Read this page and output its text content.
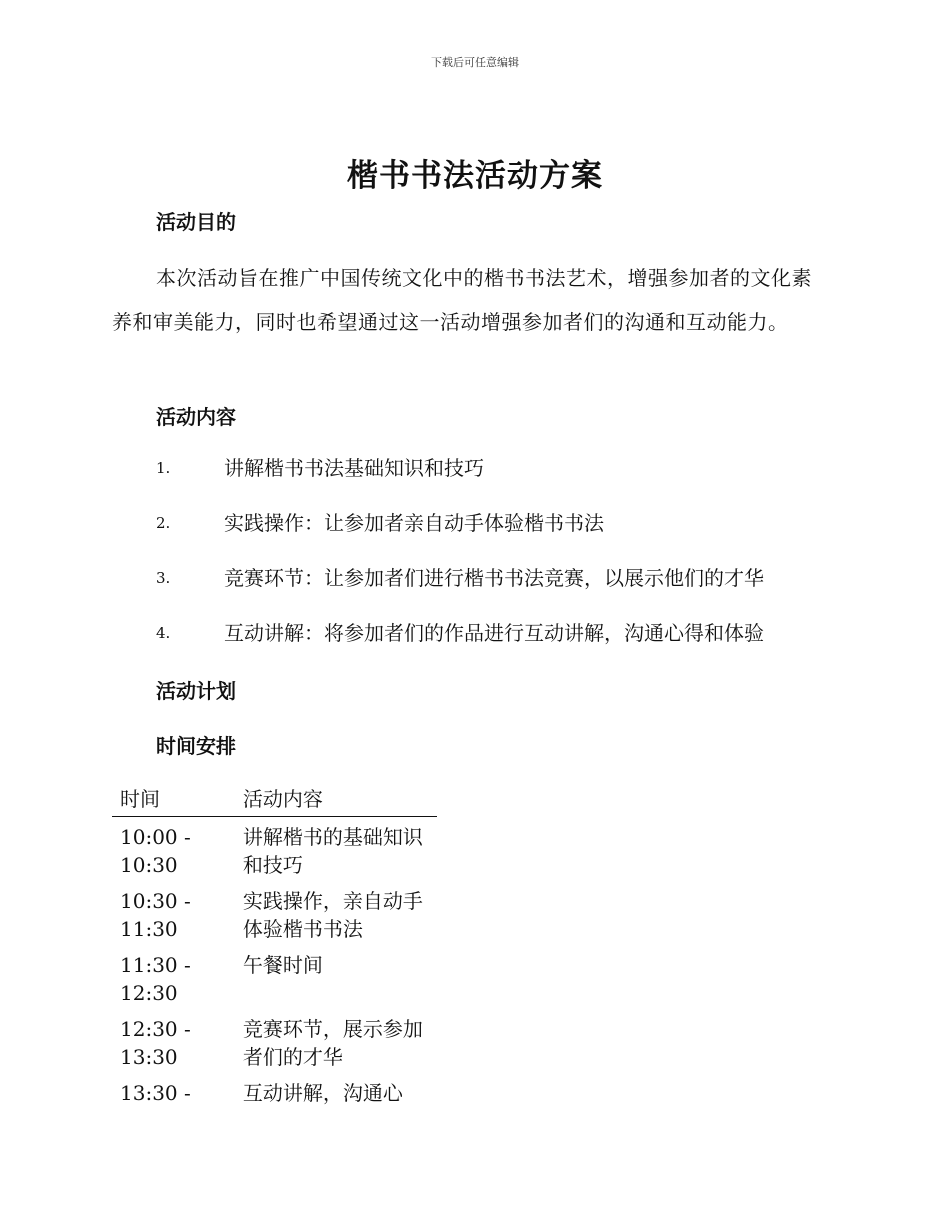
下载后可任意编辑
楷书书法活动方案
活动目的
本次活动旨在推广中国传统文化中的楷书书法艺术，增强参加者的文化素养和审美能力，同时也希望通过这一活动增强参加者们的沟通和互动能力。
活动内容
1.	讲解楷书书法基础知识和技巧
2.	实践操作：让参加者亲自动手体验楷书书法
3.	竞赛环节：让参加者们进行楷书书法竞赛，以展示他们的才华
4.	互动讲解：将参加者们的作品进行互动讲解，沟通心得和体验
活动计划
时间安排
时间	活动内容

10:00 -
10:30	讲解楷书的基础知识和技巧

10:30 -
11:30	实践操作，亲自动手体验楷书书法

11:30 -
12:30	午餐时间

12:30 -
13:30	竞赛环节，展示参加者们的才华

13:30 -	互动讲解，沟通心
